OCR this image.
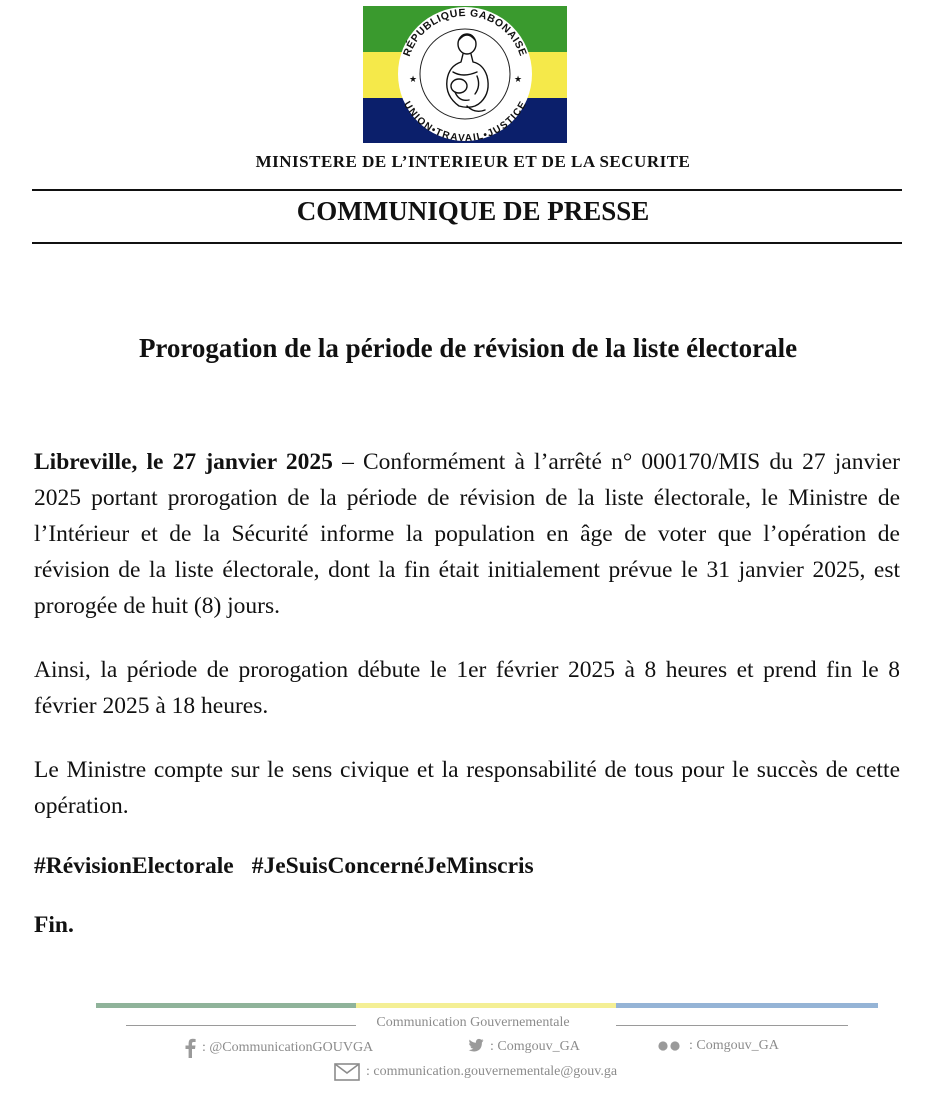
RÉPUBLIQUE GABONAISE
UNION•TRAVAIL•JUSTICE
★	★
MINISTERE DE L’INTERIEUR ET DE LA SECURITE
COMMUNIQUE DE PRESSE
Prorogation de la période de révision de la liste électorale

Libreville, le 27 janvier 2025 – Conformément à l’arrêté n° 000170/MIS du 27 janvier 2025 portant prorogation de la période de révision de la liste électorale, le Ministre de l’Intérieur et de la Sécurité informe la population en âge de voter que l’opération de révision de la liste électorale, dont la fin était initialement prévue le 31 janvier 2025, est prorogée de huit (8) jours.

Ainsi, la période de prorogation débute le 1er février 2025 à 8 heures et prend fin le 8 février 2025 à 18 heures.

Le Ministre compte sur le sens civique et la responsabilité de tous pour le succès de cette opération.

#RévisionElectorale #JeSuisConcernéJeMinscris
Fin.
Communication Gouvernementale
: @CommunicationGOUVGA	: Comgouv_GA	: Comgouv_GA
: communication.gouvernementale@gouv.ga
